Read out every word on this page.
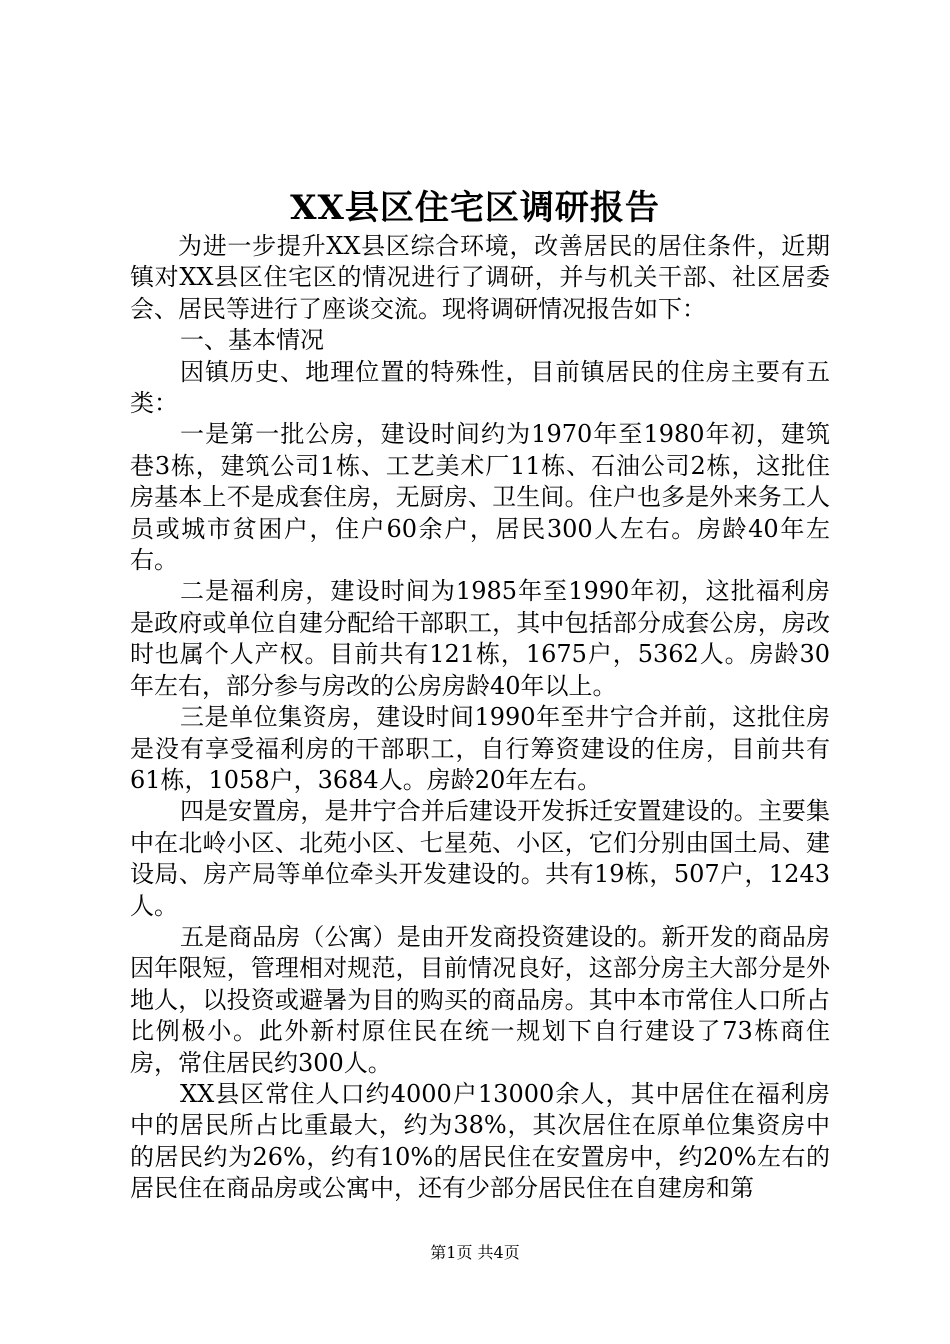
XX县区住宅区调研报告

为进一步提升XX县区综合环境，改善居民的居住条件，近期镇对XX县区住宅区的情况进行了调研，并与机关干部、社区居委会、居民等进行了座谈交流。现将调研情况报告如下：

一、基本情况

因镇历史、地理位置的特殊性，目前镇居民的住房主要有五类：

一是第一批公房，建设时间约为1970年至1980年初，建筑巷3栋，建筑公司1栋、工艺美术厂11栋、石油公司2栋，这批住房基本上不是成套住房，无厨房、卫生间。住户也多是外来务工人员或城市贫困户，住户60余户，居民300人左右。房龄40年左右。

二是福利房，建设时间为1985年至1990年初，这批福利房是政府或单位自建分配给干部职工，其中包括部分成套公房，房改时也属个人产权。目前共有121栋，1675户，5362人。房龄30年左右，部分参与房改的公房房龄40年以上。

三是单位集资房，建设时间1990年至井宁合并前，这批住房是没有享受福利房的干部职工，自行筹资建设的住房，目前共有61栋，1058户，3684人。房龄20年左右。

四是安置房，是井宁合并后建设开发拆迁安置建设的。主要集中在北岭小区、北苑小区、七星苑、小区，它们分别由国土局、建设局、房产局等单位牵头开发建设的。共有19栋，507户，1243人。

五是商品房（公寓）是由开发商投资建设的。新开发的商品房因年限短，管理相对规范，目前情况良好，这部分房主大部分是外地人，以投资或避暑为目的购买的商品房。其中本市常住人口所占比例极小。此外新村原住民在统一规划下自行建设了73栋商住房，常住居民约300人。

XX县区常住人口约4000户13000余人，其中居住在福利房中的居民所占比重最大，约为38%，其次居住在原单位集资房中的居民约为26%，约有10%的居民住在安置房中，约20%左右的居民住在商品房或公寓中，还有少部分居民住在自建房和第

第1页 共4页
